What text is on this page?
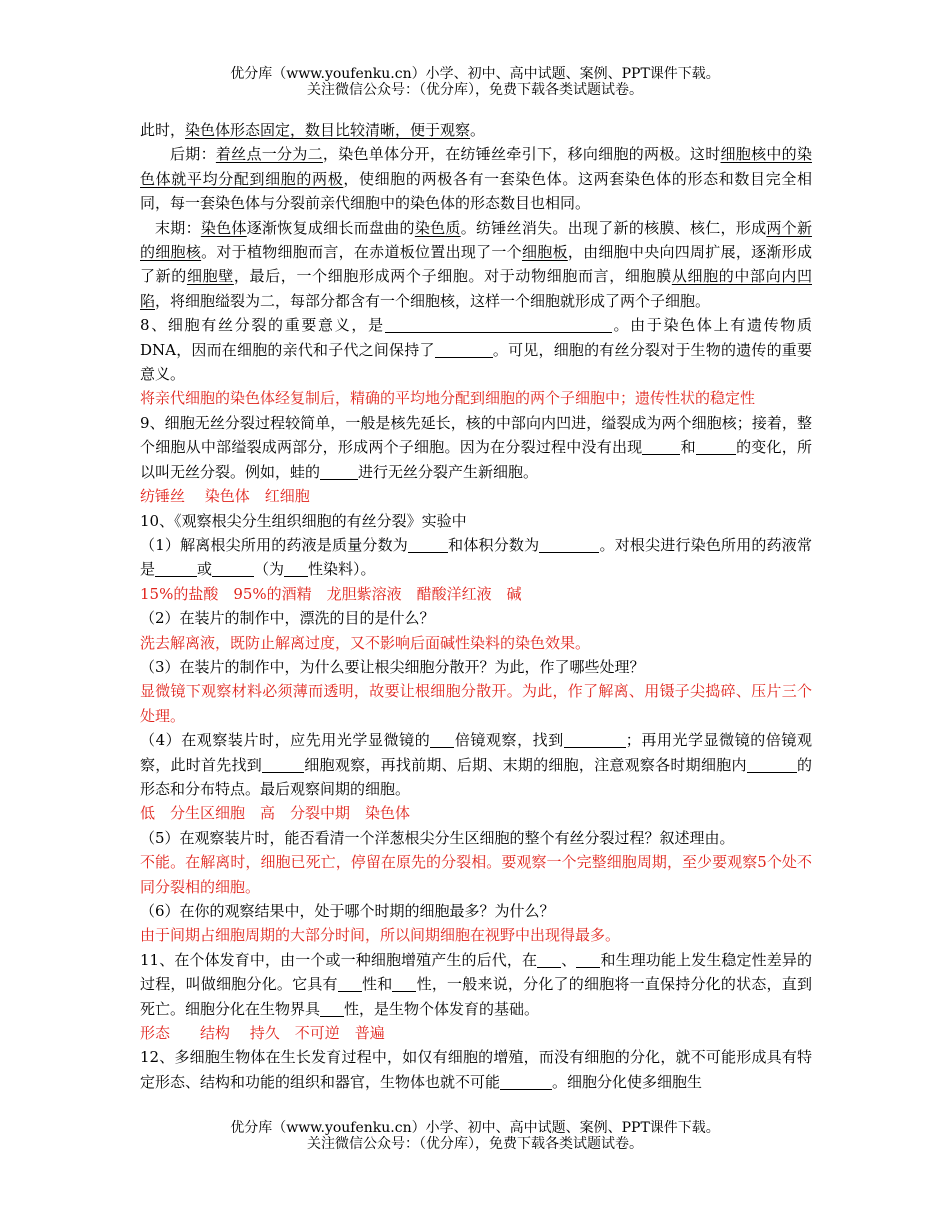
优分库（www.youfenku.cn）小学、初中、高中试题、案例、PPT课件下载。
关注微信公众号：（优分库），免费下载各类试题试卷。

此时，染色体形态固定，数目比较清晰，便于观察。

后期：着丝点一分为二，染色单体分开，在纺锤丝牵引下，移向细胞的两极。这时细胞核中的染色体就平均分配到细胞的两极，使细胞的两极各有一套染色体。这两套染色体的形态和数目完全相同，每一套染色体与分裂前亲代细胞中的染色体的形态数目也相同。

末期：染色体逐渐恢复成细长而盘曲的染色质。纺锤丝消失。出现了新的核膜、核仁，形成两个新的细胞核。对于植物细胞而言，在赤道板位置出现了一个细胞板，由细胞中央向四周扩展，逐渐形成了新的细胞壁，最后，一个细胞形成两个子细胞。对于动物细胞而言，细胞膜从细胞的中部向内凹陷，将细胞缢裂为二，每部分都含有一个细胞核，这样一个细胞就形成了两个子细胞。

8、细胞有丝分裂的重要意义，是	。由于染色体上有遗传物质DNA，因而在细胞的亲代和子代之间保持了	。可见，细胞的有丝分裂对于生物的遗传的重要意义。

将亲代细胞的染色体经复制后，精确的平均地分配到细胞的两个子细胞中；遗传性状的稳定性

9、细胞无丝分裂过程较简单，一般是核先延长，核的中部向内凹进，缢裂成为两个细胞核；接着，整个细胞从中部缢裂成两部分，形成两个子细胞。因为在分裂过程中没有出现	和	的变化，所以叫无丝分裂。例如，蛙的	进行无丝分裂产生新细胞。

纺锤丝　 染色体　红细胞

10、《观察根尖分生组织细胞的有丝分裂》实验中

（1）解离根尖所用的药液是质量分数为	和体积分数为	。对根尖进行染色所用的药液常是	或	（为 性染料）。

15%的盐酸　95%的酒精　龙胆紫溶液　醋酸洋红液　碱

（2）在装片的制作中，漂洗的目的是什么？

洗去解离液，既防止解离过度，又不影响后面碱性染料的染色效果。

（3）在装片的制作中，为什么要让根尖细胞分散开？为此，作了哪些处理？

显微镜下观察材料必须薄而透明，故要让根细胞分散开。为此，作了解离、用镊子尖捣碎、压片三个处理。

（4）在观察装片时，应先用光学显微镜的 倍镜观察，找到	；再用光学显微镜的倍镜观察，此时首先找到	细胞观察，再找前期、后期、末期的细胞，注意观察各时期细胞内	的形态和分布特点。最后观察间期的细胞。

低　分生区细胞　高　分裂中期　染色体

（5）在观察装片时，能否看清一个洋葱根尖分生区细胞的整个有丝分裂过程？叙述理由。

不能。在解离时，细胞已死亡，停留在原先的分裂相。要观察一个完整细胞周期，至少要观察5个处不同分裂相的细胞。

（6）在你的观察结果中，处于哪个时期的细胞最多？为什么？

由于间期占细胞周期的大部分时间，所以间期细胞在视野中出现得最多。

11、在个体发育中，由一个或一种细胞增殖产生的后代，在 、 和生理功能上发生稳定性差异的过程，叫做细胞分化。它具有 性和 性，一般来说，分化了的细胞将一直保持分化的状态，直到死亡。细胞分化在生物界具 性，是生物个体发育的基础。

形态　　结构　 持久　不可逆　普遍

12、多细胞生物体在生长发育过程中，如仅有细胞的增殖，而没有细胞的分化，就不可能形成具有特定形态、结构和功能的组织和器官，生物体也就不可能	。细胞分化使多细胞生

优分库（www.youfenku.cn）小学、初中、高中试题、案例、PPT课件下载。
关注微信公众号：（优分库），免费下载各类试题试卷。
